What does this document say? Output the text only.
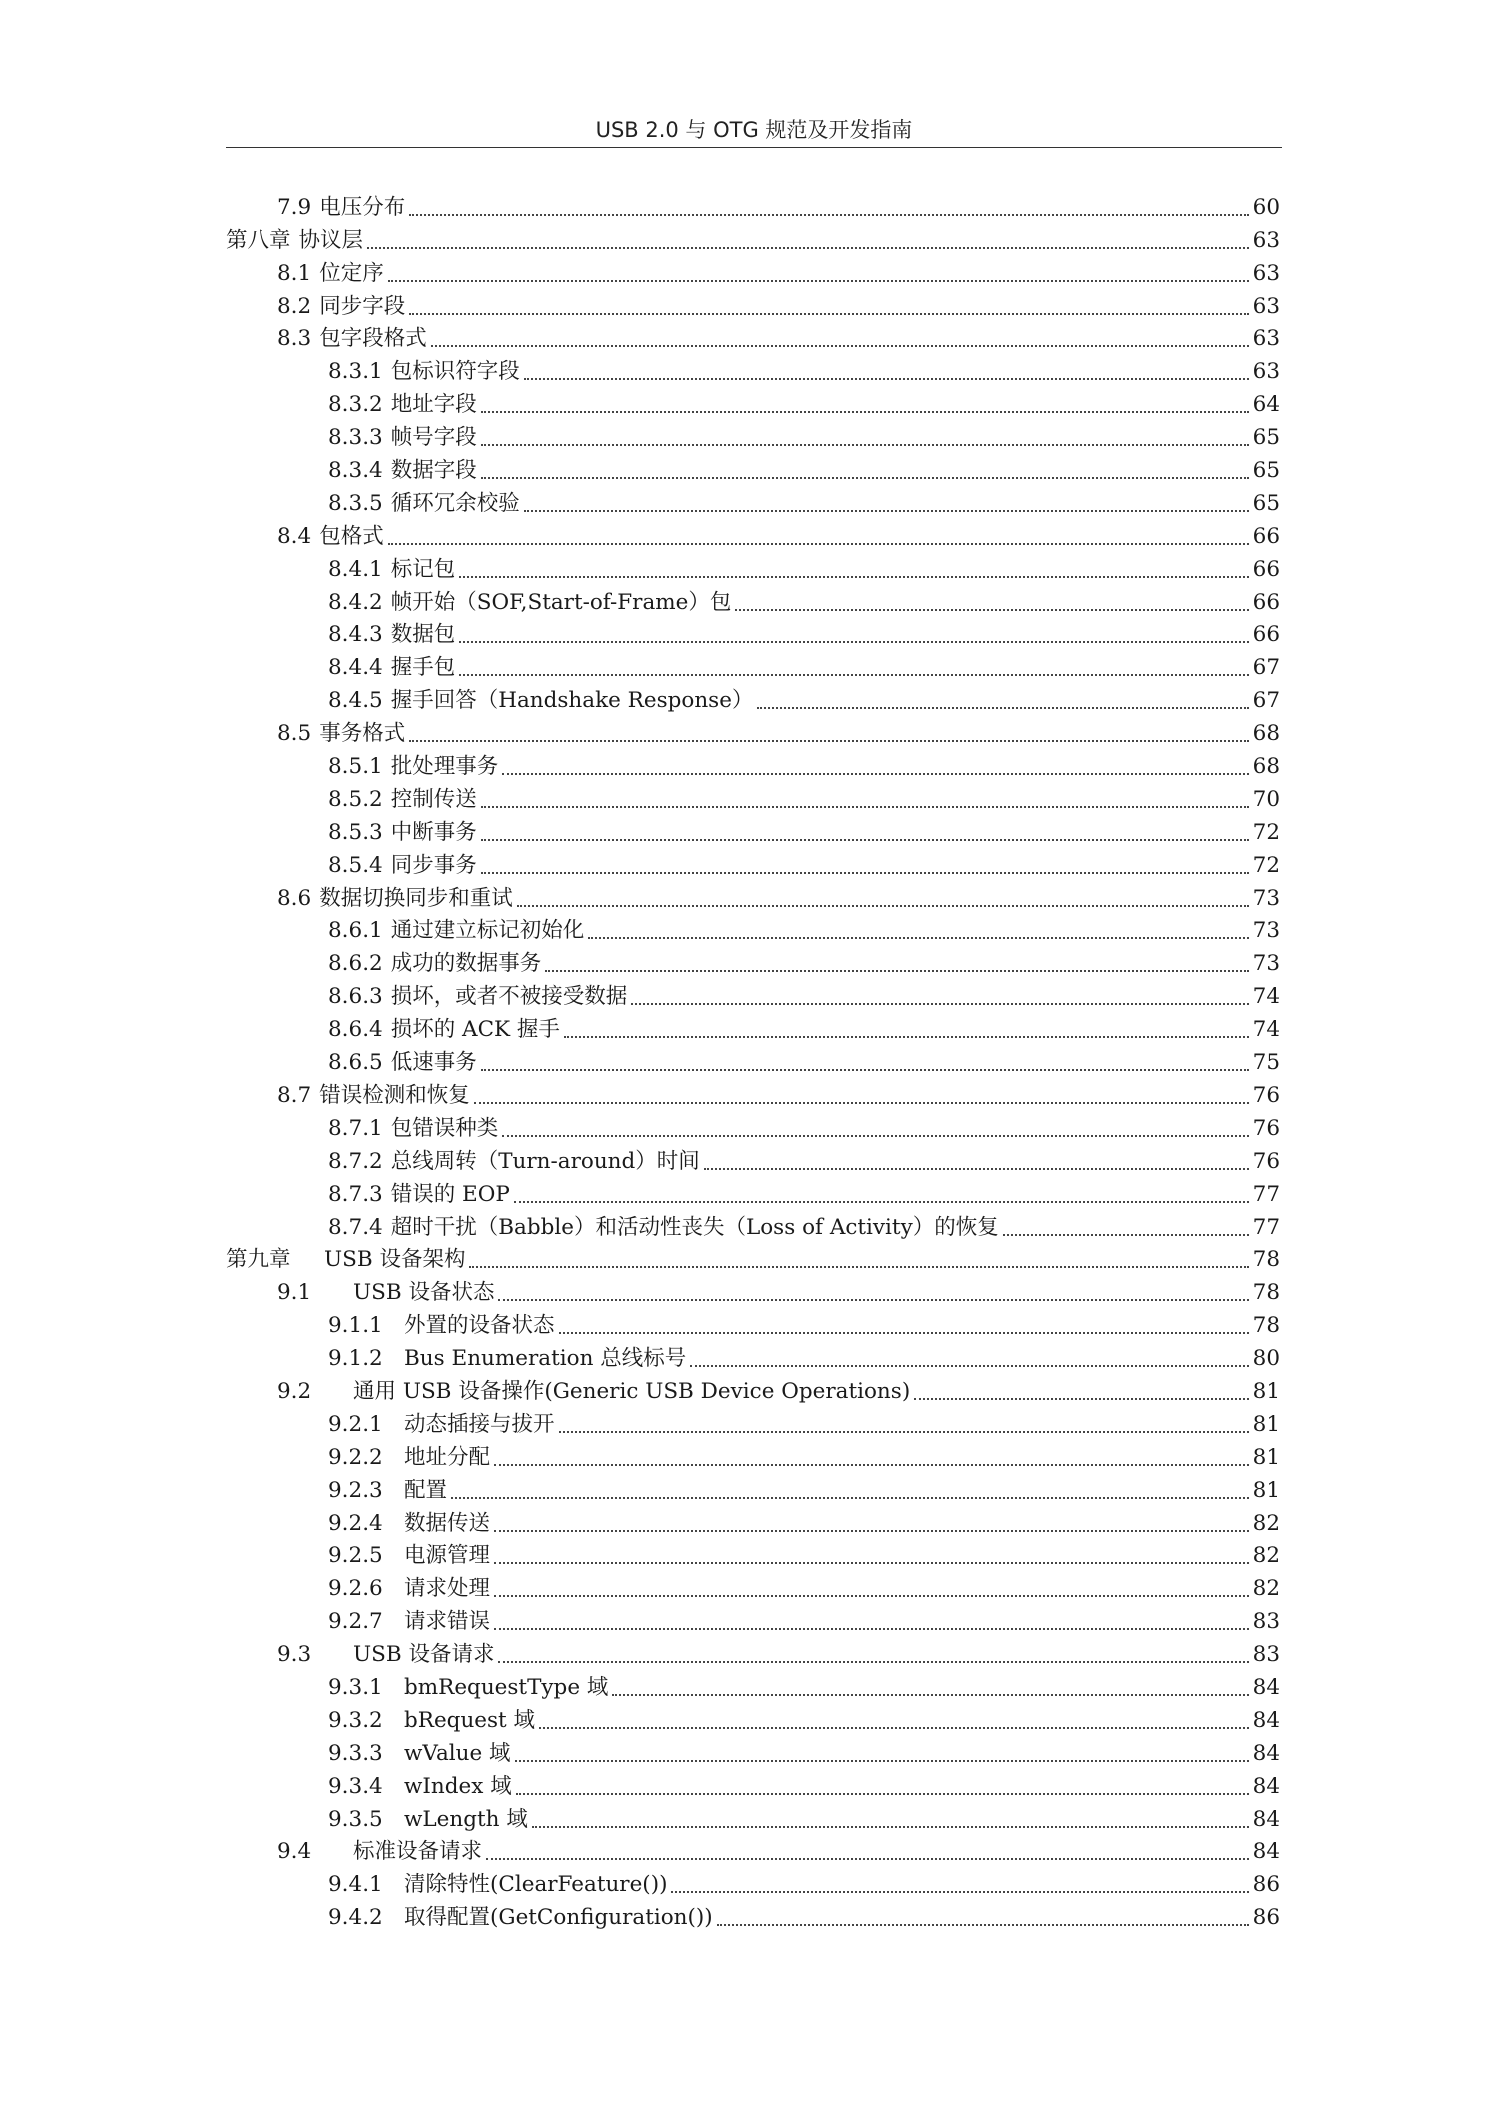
USB 2.0 与 OTG 规范及开发指南
7.9 电压分布	60
第八章 协议层	63
8.1 位定序	63
8.2 同步字段	63
8.3 包字段格式	63
8.3.1 包标识符字段	63
8.3.2 地址字段	64
8.3.3 帧号字段	65
8.3.4 数据字段	65
8.3.5 循环冗余校验	65
8.4 包格式	66
8.4.1 标记包	66
8.4.2 帧开始（SOF,Start-of-Frame）包	66
8.4.3 数据包	66
8.4.4 握手包	67
8.4.5 握手回答（Handshake Response）	67
8.5 事务格式	68
8.5.1 批处理事务	68
8.5.2 控制传送	70
8.5.3 中断事务	72
8.5.4 同步事务	72
8.6 数据切换同步和重试	73
8.6.1 通过建立标记初始化	73
8.6.2 成功的数据事务	73
8.6.3 损坏，或者不被接受数据	74
8.6.4 损坏的 ACK 握手	74
8.6.5 低速事务	75
8.7 错误检测和恢复	76
8.7.1 包错误种类	76
8.7.2 总线周转（Turn-around）时间	76
8.7.3 错误的 EOP	77
8.7.4 超时干扰（Babble）和活动性丧失（Loss of Activity）的恢复	77
第九章	USB 设备架构	78
9.1	USB 设备状态	78
9.1.1 外置的设备状态	78
9.1.2 Bus Enumeration 总线标号	80
9.2	通用 USB 设备操作(Generic USB Device Operations)	81
9.2.1 动态插接与拔开	81
9.2.2 地址分配	81
9.2.3 配置	81
9.2.4 数据传送	82
9.2.5 电源管理	82
9.2.6 请求处理	82
9.2.7 请求错误	83
9.3	USB 设备请求	83
9.3.1 bmRequestType 域	84
9.3.2 bRequest 域	84
9.3.3 wValue 域	84
9.3.4 wIndex 域	84
9.3.5 wLength 域	84
9.4	标准设备请求	84
9.4.1 清除特性(ClearFeature())	86
9.4.2 取得配置(GetConfiguration())	86
